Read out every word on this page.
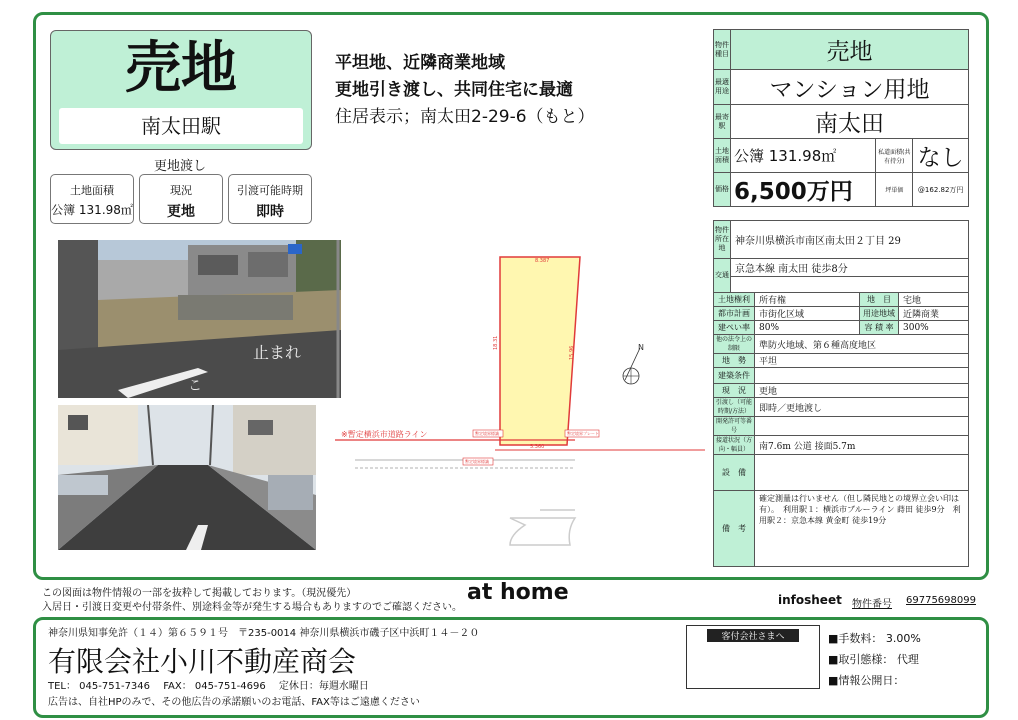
売地
南太田駅
更地渡し
土地面積
公簿 131.98㎡
現況
更地
引渡可能時期
即時
平坦地、近隣商業地域
更地引き渡し、共同住宅に最適
住居表示；南太田2-29-6（もと）
止まれ
こ
8.387
18.31
15.96
5.360
暫定境界標識	暫定境界プレート
暫定境界標識
※暫定横浜市道路ライン
N
物件種目	売地		
最適用途	マンション用地		
最寄駅	南太田		
土地面積	公簿 131.98㎡	私道面積(共有持分)	なし
価格	6,500万円	坪単価	@162.82万円
物件所在地	神奈川県横浜市南区南太田２丁目 29
交通	京急本線 南太田 徒歩8分

土地権利	所有権	地　目	宅地
都市計画	市街化区域	用途地域	近隣商業
建ぺい率	80%	容 積 率	300%
他の法令上の制限	準防火地域、第６種高度地区		
地　勢	平坦		
建築条件			
現　況	更地		
引渡し（可能時期/方法）	即時／更地渡し		
開発許可等番号			
接道状況（方向・幅員）	南7.6m 公道 接面5.7m		
設　備			
備　考	確定測量は行いません（但し隣民地との境界立会い印は有）。　利用駅１：横浜市ブルーライン 蒔田 徒歩9分　利用駅２：京急本線 黄金町 徒歩19分		
この図面は物件情報の一部を抜粋して掲載しております。（現況優先）
入居日・引渡日変更や付帯条件、別途料金等が発生する場合もありますのでご確認ください。
at home	infosheet 物件番号 69775698099
神奈川県知事免許（１４）第６５９１号　〒235-0014 神奈川県横浜市磯子区中浜町１４－２０
有限会社小川不動産商会
TEL： 045-751-7346　 FAX： 045-751-4696　 定休日：毎週水曜日
広告は、自社HPのみで、その他広告の承諾願いのお電話、FAX等はご遠慮ください
客付会社さまへ	■手数料： 3.00%
■取引態様： 代理
■情報公開日：
